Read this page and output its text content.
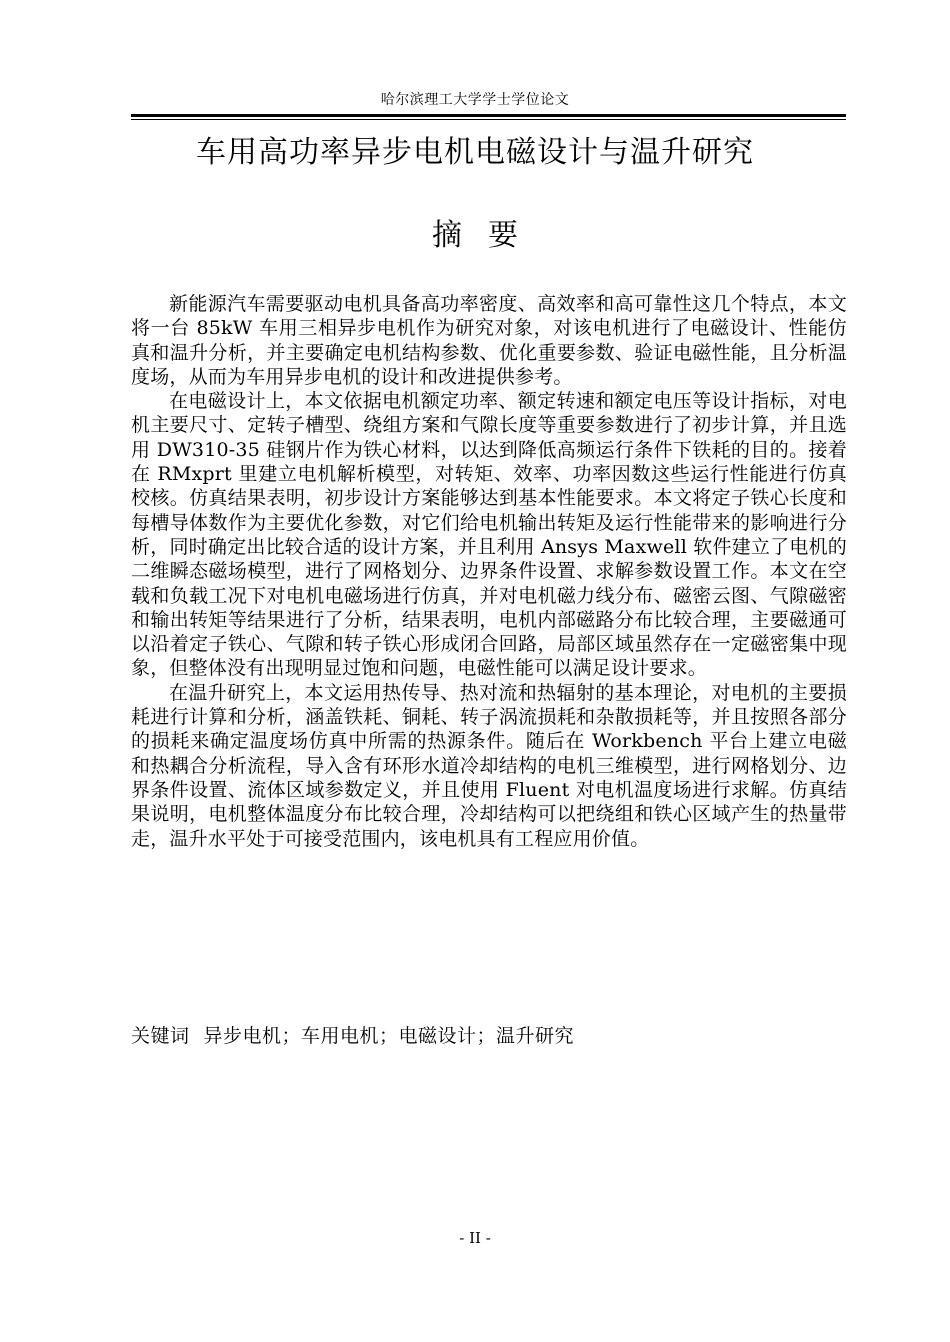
哈尔滨理工大学学士学位论文
车用高功率异步电机电磁设计与温升研究
摘要

新能源汽车需要驱动电机具备高功率密度、高效率和高可靠性这几个特点，本文将一台 85kW 车用三相异步电机作为研究对象，对该电机进行了电磁设计、性能仿真和温升分析，并主要确定电机结构参数、优化重要参数、验证电磁性能，且分析温度场，从而为车用异步电机的设计和改进提供参考。

在电磁设计上，本文依据电机额定功率、额定转速和额定电压等设计指标，对电机主要尺寸、定转子槽型、绕组方案和气隙长度等重要参数进行了初步计算，并且选用 DW310-35 硅钢片作为铁心材料，以达到降低高频运行条件下铁耗的目的。接着在 RMxprt 里建立电机解析模型，对转矩、效率、功率因数这些运行性能进行仿真校核。仿真结果表明，初步设计方案能够达到基本性能要求。本文将定子铁心长度和每槽导体数作为主要优化参数，对它们给电机输出转矩及运行性能带来的影响进行分析，同时确定出比较合适的设计方案，并且利用 Ansys Maxwell 软件建立了电机的二维瞬态磁场模型，进行了网格划分、边界条件设置、求解参数设置工作。本文在空载和负载工况下对电机电磁场进行仿真，并对电机磁力线分布、磁密云图、气隙磁密和输出转矩等结果进行了分析，结果表明，电机内部磁路分布比较合理，主要磁通可以沿着定子铁心、气隙和转子铁心形成闭合回路，局部区域虽然存在一定磁密集中现象，但整体没有出现明显过饱和问题，电磁性能可以满足设计要求。

在温升研究上，本文运用热传导、热对流和热辐射的基本理论，对电机的主要损耗进行计算和分析，涵盖铁耗、铜耗、转子涡流损耗和杂散损耗等，并且按照各部分的损耗来确定温度场仿真中所需的热源条件。随后在 Workbench 平台上建立电磁和热耦合分析流程，导入含有环形水道冷却结构的电机三维模型，进行网格划分、边界条件设置、流体区域参数定义，并且使用 Fluent 对电机温度场进行求解。仿真结果说明，电机整体温度分布比较合理，冷却结构可以把绕组和铁心区域产生的热量带走，温升水平处于可接受范围内，该电机具有工程应用价值。

关键词 异步电机；车用电机；电磁设计；温升研究
- II -
